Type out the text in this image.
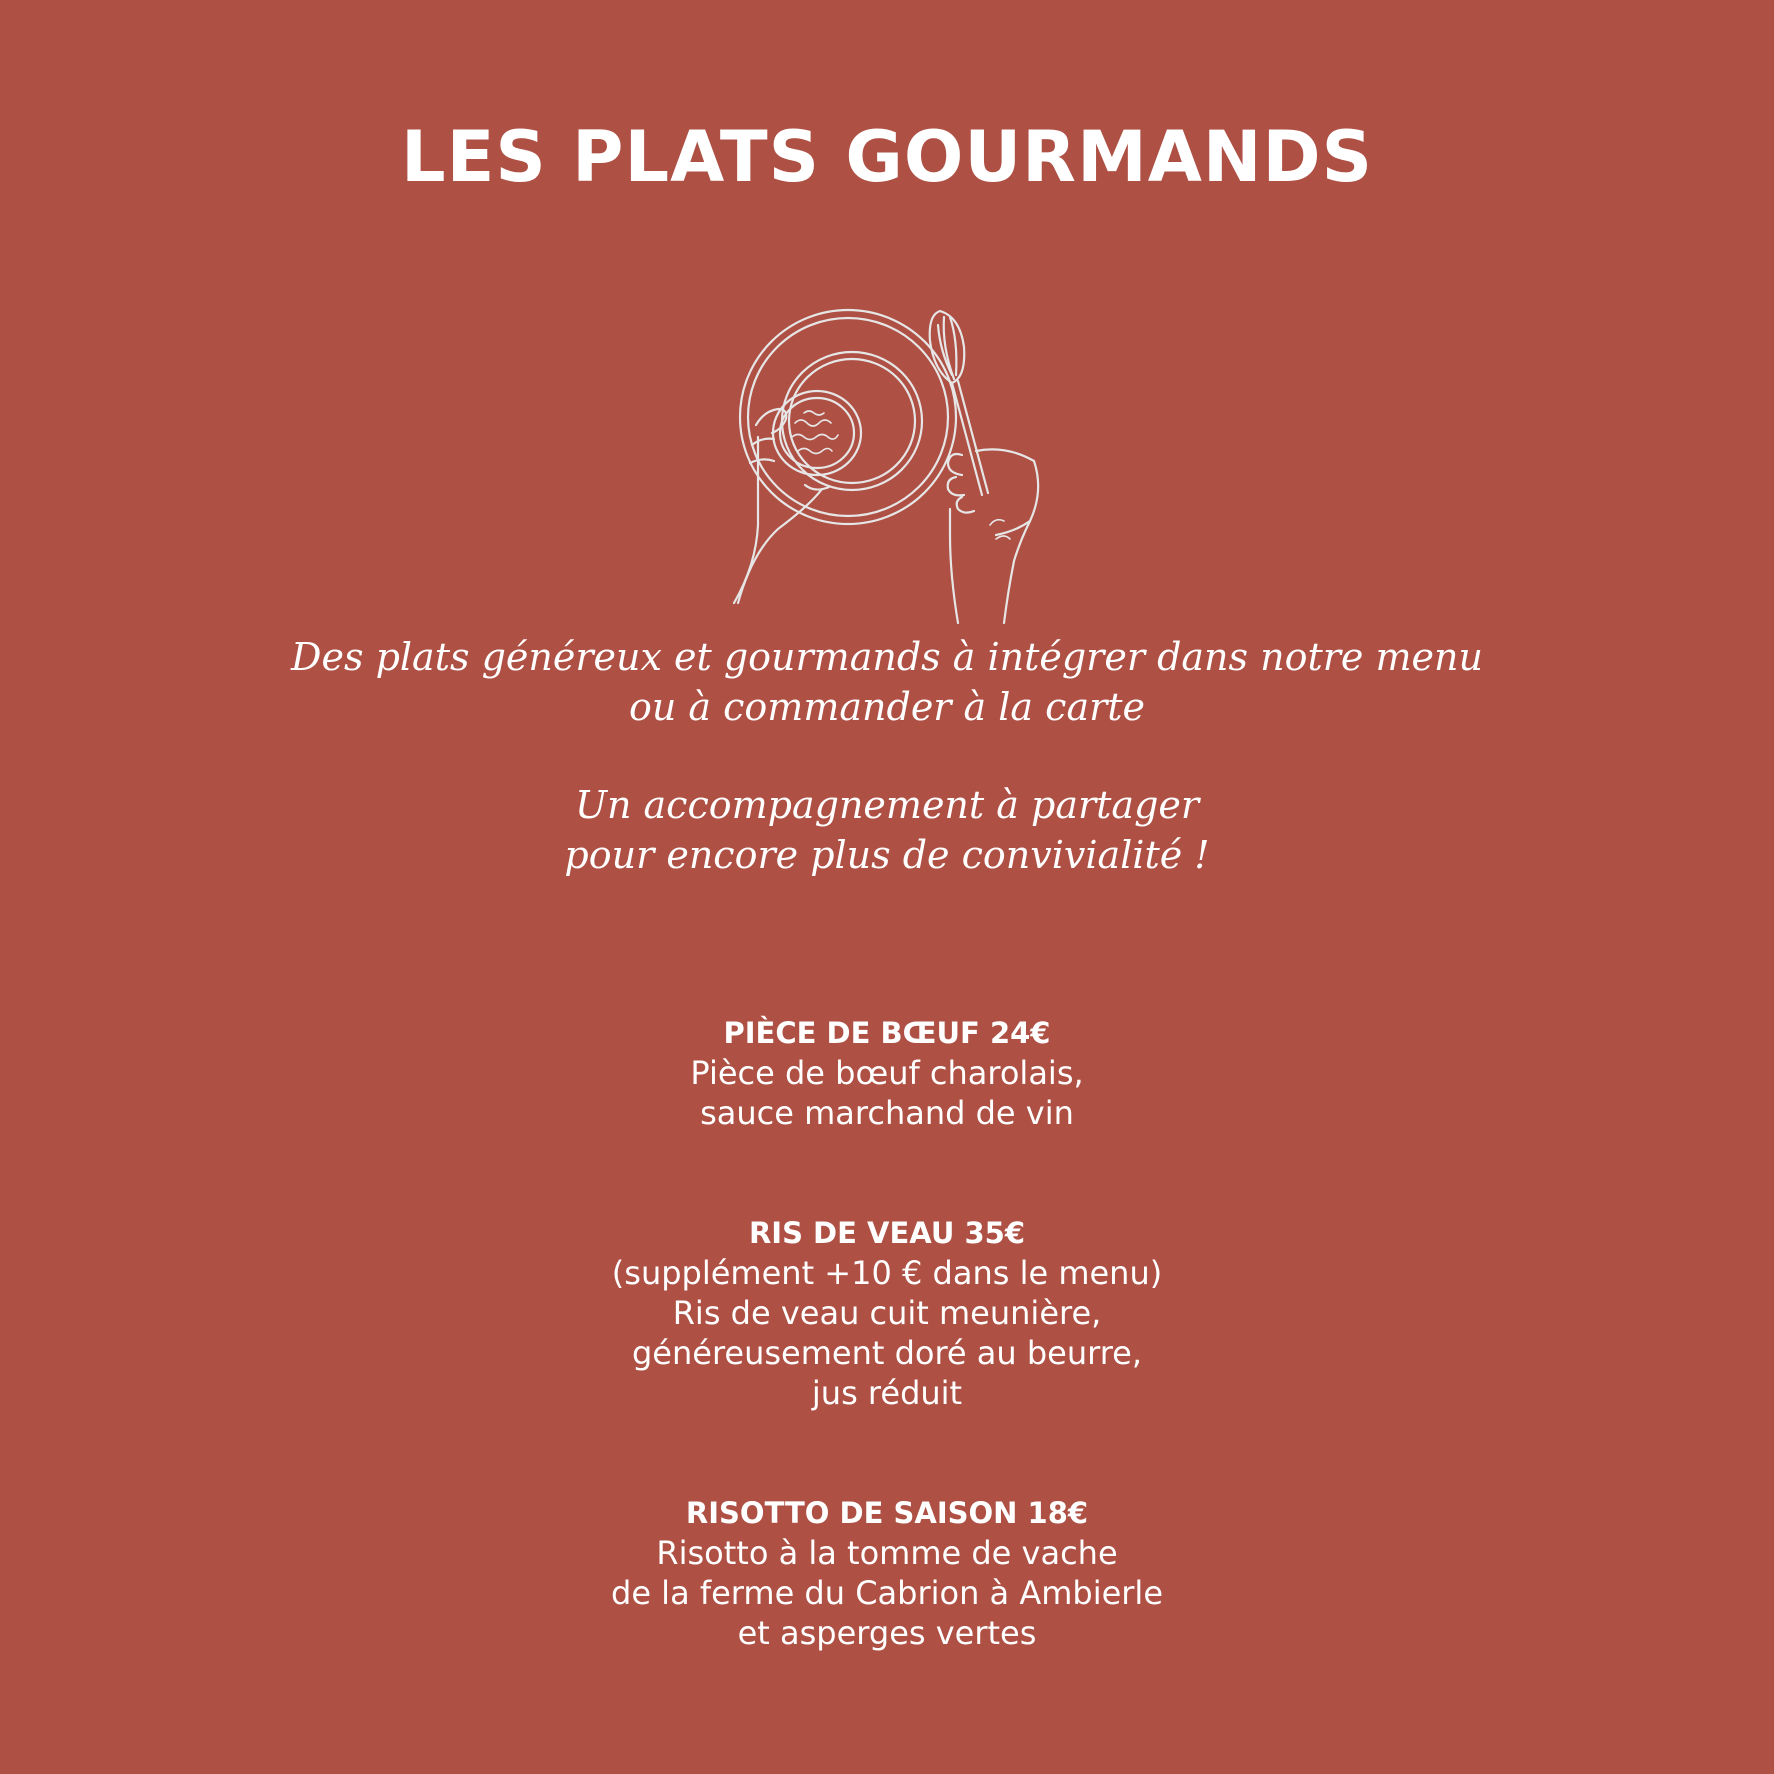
LES PLATS GOURMANDS
Des plats généreux et gourmands à intégrer dans notre menu
ou à commander à la carte
Un accompagnement à partager
pour encore plus de convivialité !
PIÈCE DE BŒUF 24€
Pièce de bœuf charolais,
sauce marchand de vin
RIS DE VEAU 35€
(supplément +10 € dans le menu)
Ris de veau cuit meunière,
généreusement doré au beurre,
jus réduit
RISOTTO DE SAISON 18€
Risotto à la tomme de vache
de la ferme du Cabrion à Ambierle
et asperges vertes
